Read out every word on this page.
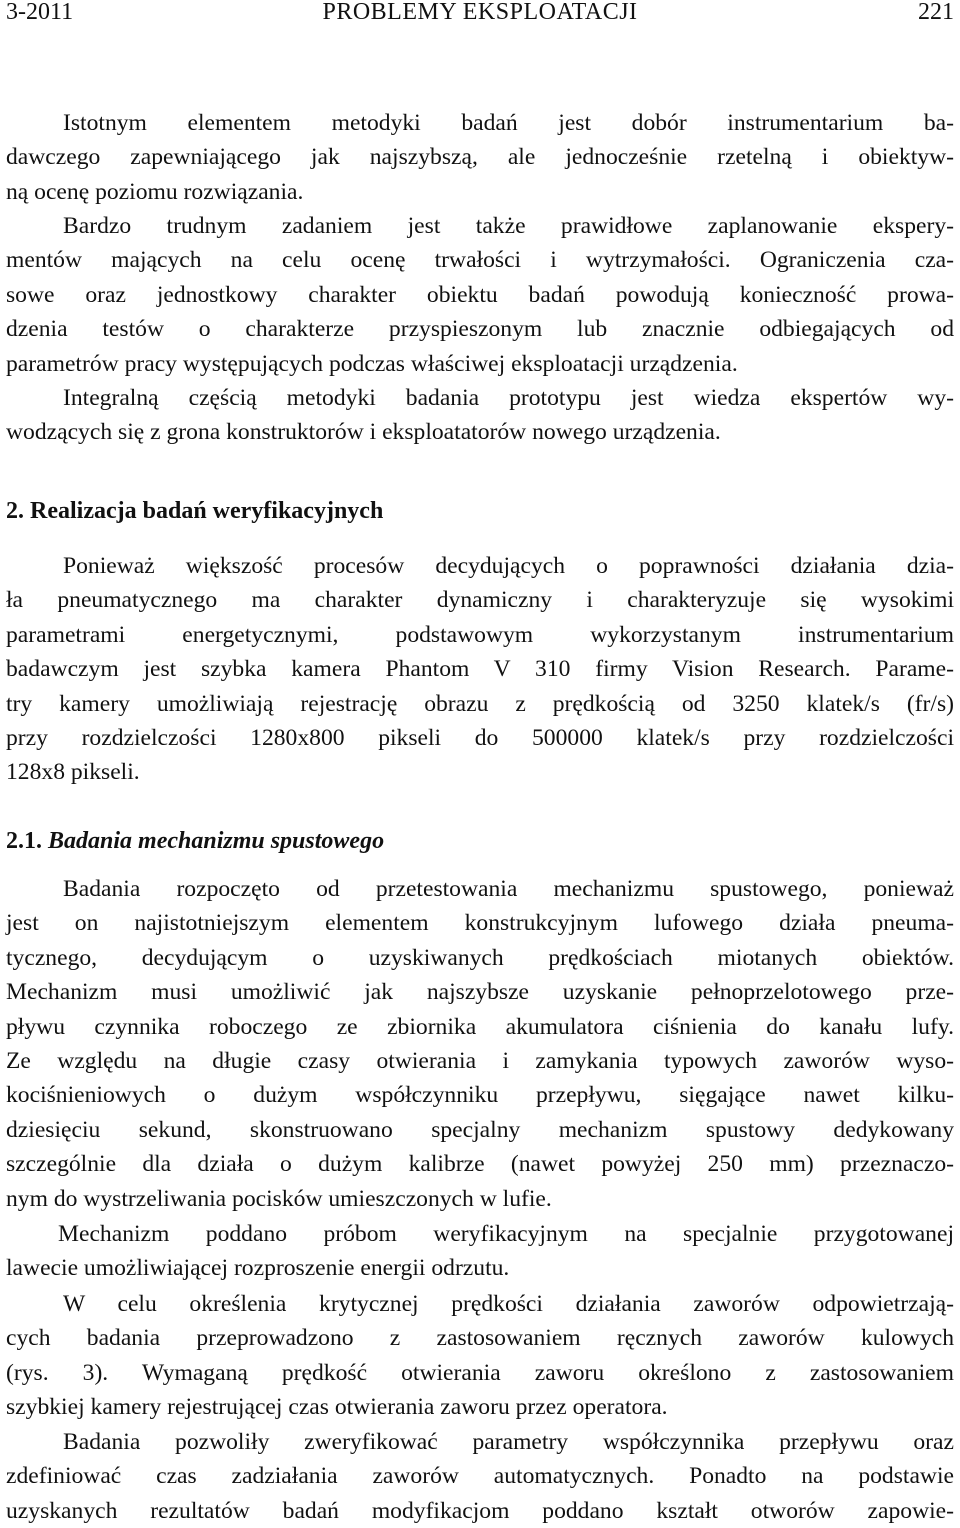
3-2011	PROBLEMY EKSPLOATACJI	221

Istotnym elementem metodyki badań jest dobór instrumentarium ba-
dawczego zapewniającego jak najszybszą, ale jednocześnie rzetelną i obiektyw-
ną ocenę poziomu rozwiązania.

Bardzo trudnym zadaniem jest także prawidłowe zaplanowanie ekspery-
mentów mających na celu ocenę trwałości i wytrzymałości. Ograniczenia cza-
sowe oraz jednostkowy charakter obiektu badań powodują konieczność prowa-
dzenia testów o charakterze przyspieszonym lub znacznie odbiegających od
parametrów pracy występujących podczas właściwej eksploatacji urządzenia.

Integralną częścią metodyki badania prototypu jest wiedza ekspertów wy-
wodzących się z grona konstruktorów i eksploatatorów nowego urządzenia.

2. Realizacja badań weryfikacyjnych

Ponieważ większość procesów decydujących o poprawności działania dzia-
ła pneumatycznego ma charakter dynamiczny i charakteryzuje się wysokimi
parametrami energetycznymi, podstawowym wykorzystanym instrumentarium
badawczym jest szybka kamera Phantom V 310 firmy Vision Research. Parame-
try kamery umożliwiają rejestrację obrazu z prędkością od 3250 klatek/s (fr/s)
przy rozdzielczości 1280x800 pikseli do 500000 klatek/s przy rozdzielczości
128x8 pikseli.

2.1. Badania mechanizmu spustowego

Badania rozpoczęto od przetestowania mechanizmu spustowego, ponieważ
jest on najistotniejszym elementem konstrukcyjnym lufowego działa pneuma-
tycznego, decydującym o uzyskiwanych prędkościach miotanych obiektów.
Mechanizm musi umożliwić jak najszybsze uzyskanie pełnoprzelotowego prze-
pływu czynnika roboczego ze zbiornika akumulatora ciśnienia do kanału lufy.
Ze względu na długie czasy otwierania i zamykania typowych zaworów wyso-
kociśnieniowych o dużym współczynniku przepływu, sięgające nawet kilku-
dziesięciu sekund, skonstruowano specjalny mechanizm spustowy dedykowany
szczególnie dla działa o dużym kalibrze (nawet powyżej 250 mm) przeznaczo-
nym do wystrzeliwania pocisków umieszczonych w lufie.

Mechanizm poddano próbom weryfikacyjnym na specjalnie przygotowanej
lawecie umożliwiającej rozproszenie energii odrzutu.

W celu określenia krytycznej prędkości działania zaworów odpowietrzają-
cych badania przeprowadzono z zastosowaniem ręcznych zaworów kulowych
(rys. 3). Wymaganą prędkość otwierania zaworu określono z zastosowaniem
szybkiej kamery rejestrującej czas otwierania zaworu przez operatora.

Badania pozwoliły zweryfikować parametry współczynnika przepływu oraz
zdefiniować czas zadziałania zaworów automatycznych. Ponadto na podstawie
uzyskanych rezultatów badań modyfikacjom poddano kształt otworów zapowie-
